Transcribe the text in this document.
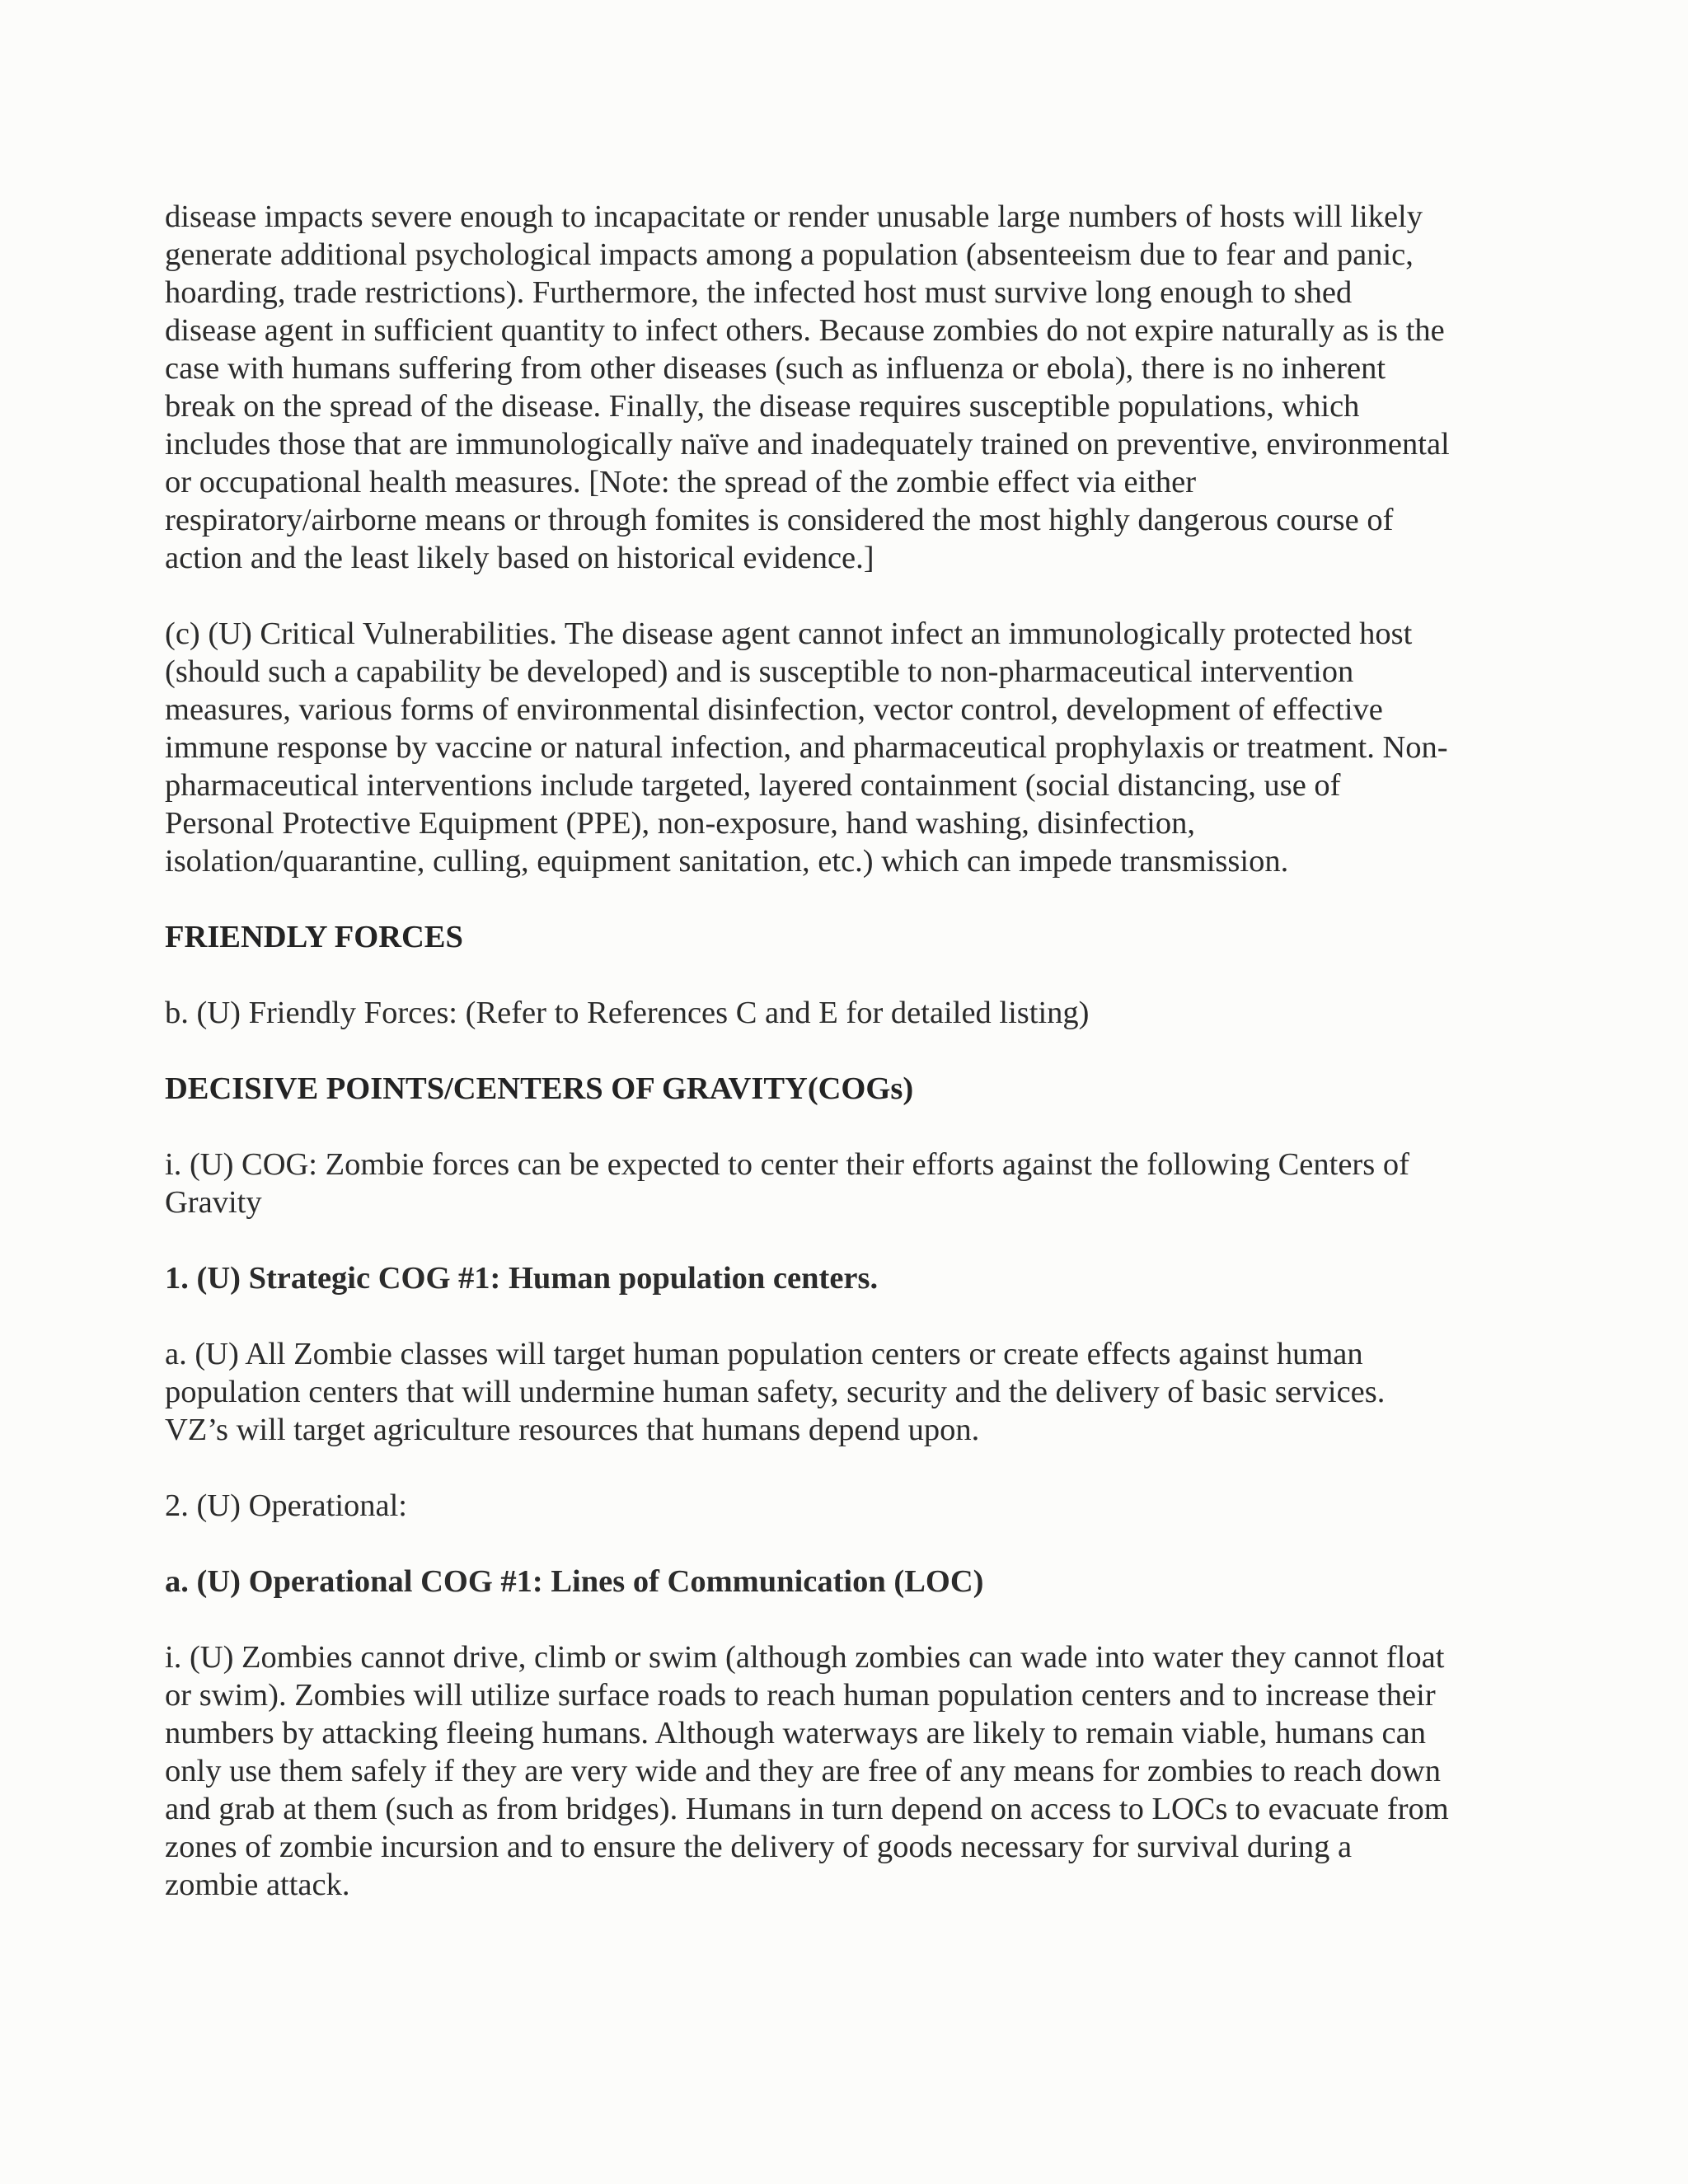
disease impacts severe enough to incapacitate or render unusable large numbers of hosts will likely generate additional psychological impacts among a population (absenteeism due to fear and panic, hoarding, trade restrictions). Furthermore, the infected host must survive long enough to shed disease agent in sufficient quantity to infect others. Because zombies do not expire naturally as is the case with humans suffering from other diseases (such as influenza or ebola), there is no inherent break on the spread of the disease. Finally, the disease requires susceptible populations, which includes those that are immunologically naïve and inadequately trained on preventive, environmental or occupational health measures. [Note: the spread of the zombie effect via either respiratory/airborne means or through fomites is considered the most highly dangerous course of action and the least likely based on historical evidence.]

(c) (U) Critical Vulnerabilities. The disease agent cannot infect an immunologically protected host (should such a capability be developed) and is susceptible to non-pharmaceutical intervention measures, various forms of environmental disinfection, vector control, development of effective immune response by vaccine or natural infection, and pharmaceutical prophylaxis or treatment. Non-pharmaceutical interventions include targeted, layered containment (social distancing, use of Personal Protective Equipment (PPE), non-exposure, hand washing, disinfection, isolation/quarantine, culling, equipment sanitation, etc.) which can impede transmission.

FRIENDLY FORCES

b. (U) Friendly Forces: (Refer to References C and E for detailed listing)

DECISIVE POINTS/CENTERS OF GRAVITY(COGs)

i. (U) COG: Zombie forces can be expected to center their efforts against the following Centers of Gravity

1. (U) Strategic COG #1: Human population centers.

a. (U) All Zombie classes will target human population centers or create effects against human population centers that will undermine human safety, security and the delivery of basic services. VZ’s will target agriculture resources that humans depend upon.

2. (U) Operational:

a. (U) Operational COG #1: Lines of Communication (LOC)

i. (U) Zombies cannot drive, climb or swim (although zombies can wade into water they cannot float or swim). Zombies will utilize surface roads to reach human population centers and to increase their numbers by attacking fleeing humans. Although waterways are likely to remain viable, humans can only use them safely if they are very wide and they are free of any means for zombies to reach down and grab at them (such as from bridges). Humans in turn depend on access to LOCs to evacuate from zones of zombie incursion and to ensure the delivery of goods necessary for survival during a zombie attack.
